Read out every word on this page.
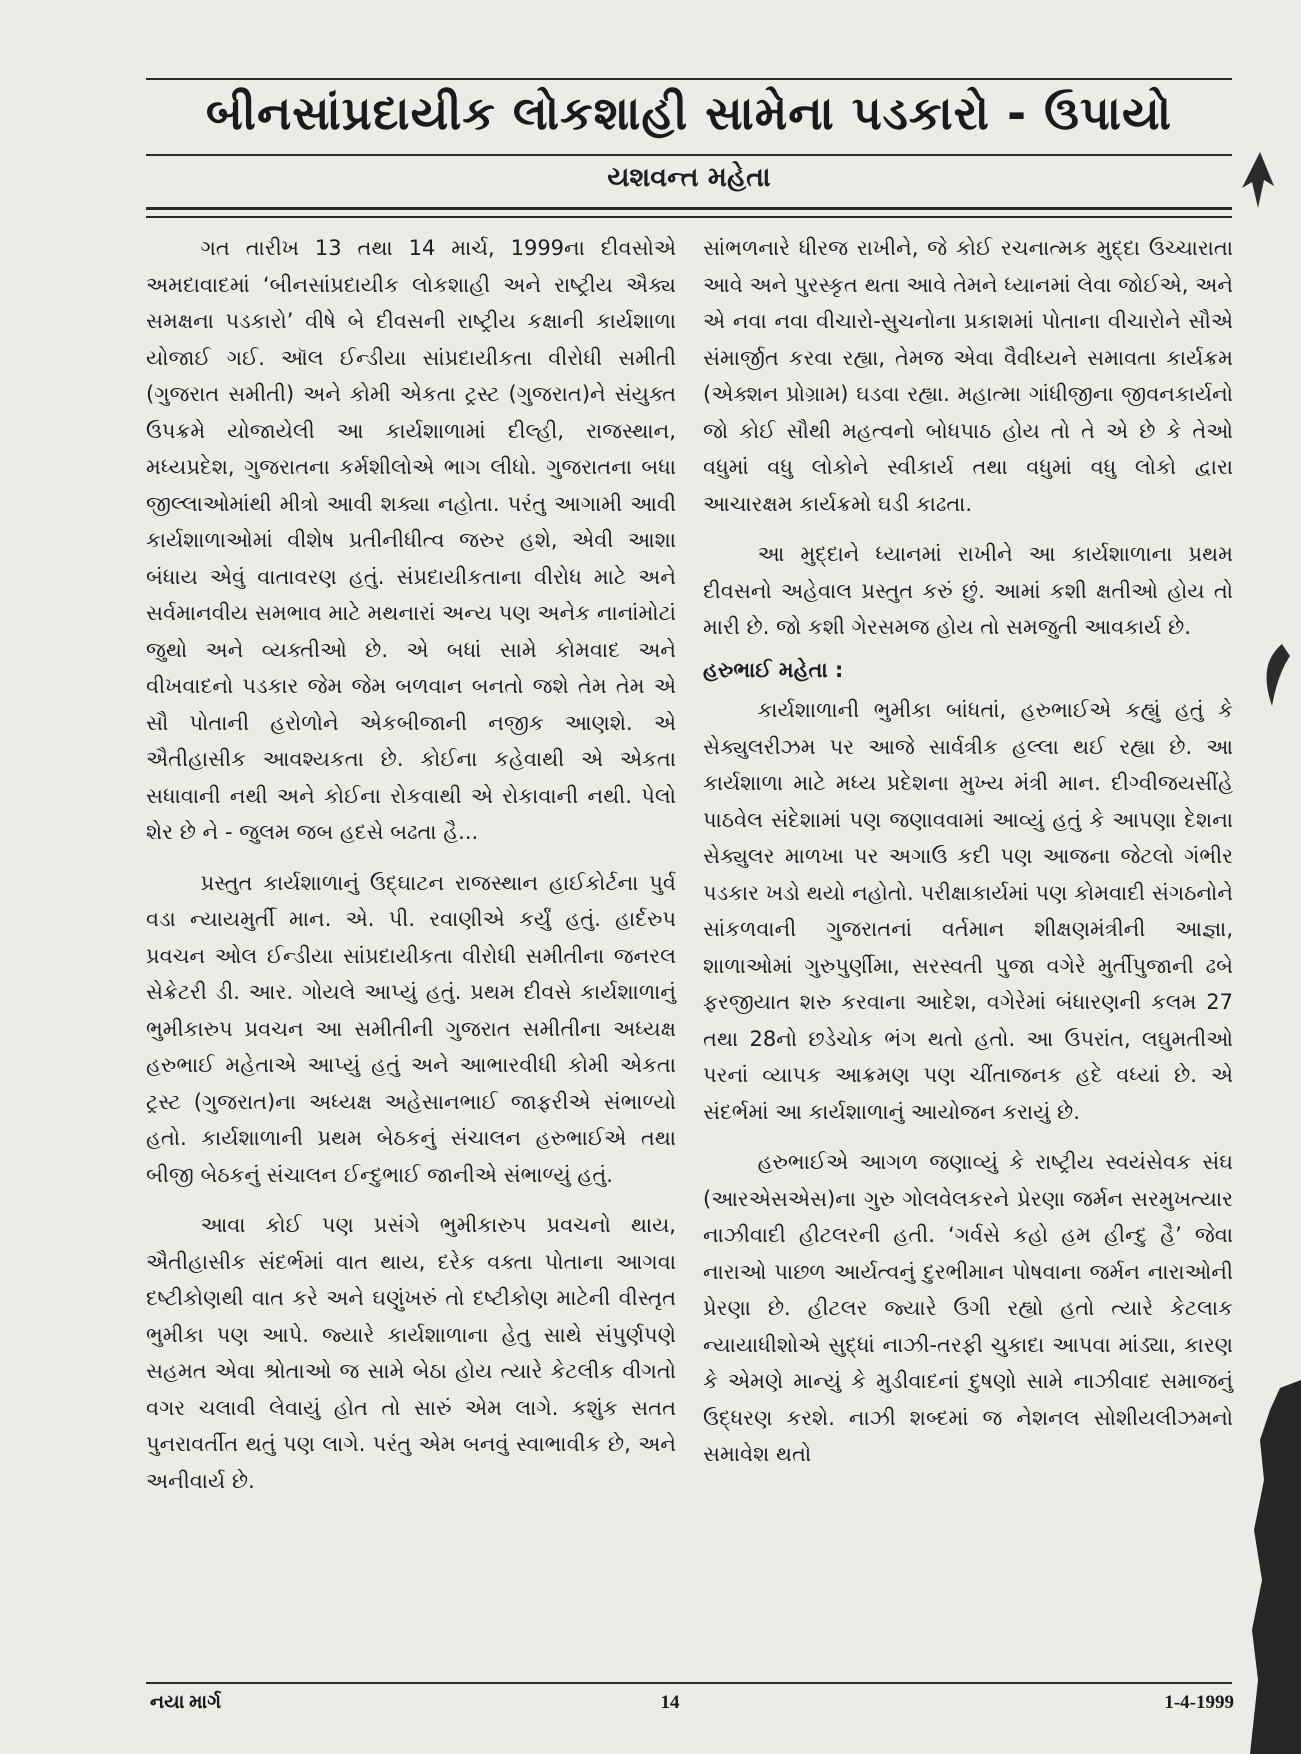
બીનસાંપ્રદાયીક લોકશાહી સામેના પડકારો - ઉપાયો
યશવન્ત મહેતા

ગત તારીખ 13 તથા 14 માર્ચ, 1999ના દીવસોએ અમદાવાદમાં ‘બીનસાંપ્રદાયીક લોકશાહી અને રાષ્ટ્રીય ઐક્ય સમક્ષના પડકારો’ વીષે બે દીવસની રાષ્ટ્રીય કક્ષાની કાર્યશાળા યોજાઈ ગઈ. ઑલ ઈન્ડીયા સાંપ્રદાયીકતા વીરોધી સમીતી (ગુજરાત સમીતી) અને કોમી એકતા ટ્રસ્ટ (ગુજરાત)ને સંયુક્ત ઉપક્રમે યોજાયેલી આ કાર્યશાળામાં દીલ્હી, રાજસ્થાન, મધ્યપ્રદેશ, ગુજરાતના કર્મશીલોએ ભાગ લીધો. ગુજરાતના બધા જીલ્લાઓમાંથી મીત્રો આવી શક્યા નહોતા. પરંતુ આગામી આવી કાર્યશાળાઓમાં વીશેષ પ્રતીનીધીત્વ જરુર હશે, એવી આશા બંધાય એવું વાતાવરણ હતું. સંપ્રદાયીકતાના વીરોધ માટે અને સર્વમાનવીય સમભાવ માટે મથનારાં અન્ય પણ અનેક નાનાંમોટાં જુથો અને વ્યક્તીઓ છે. એ બધાં સામે કોમવાદ અને વીખવાદનો પડકાર જેમ જેમ બળવાન બનતો જશે તેમ તેમ એ સૌ પોતાની હરોળોને એકબીજાની નજીક આણશે. એ ઐતીહાસીક આવશ્યકતા છે. કોઈના કહેવાથી એ એકતા સધાવાની નથી અને કોઈના રોકવાથી એ રોકાવાની નથી. પેલો શેર છે ને - જુલમ જબ હદસે બઢતા હૈ...

પ્રસ્તુત કાર્યશાળાનું ઉદ્ઘાટન રાજસ્થાન હાઈકોર્ટના પુર્વ વડા ન્યાયમુર્તી માન. એ. પી. રવાણીએ કર્યું હતું. હાર્દરુપ પ્રવચન ઓલ ઈન્ડીયા સાંપ્રદાયીકતા વીરોધી સમીતીના જનરલ સેક્રેટરી ડી. આર. ગોયલે આપ્યું હતું. પ્રથમ દીવસે કાર્યશાળાનું ભુમીકારુપ પ્રવચન આ સમીતીની ગુજરાત સમીતીના અધ્યક્ષ હરુભાઈ મહેતાએ આપ્યું હતું અને આભારવીધી કોમી એકતા ટ્રસ્ટ (ગુજરાત)ના અધ્યક્ષ અહેસાનભાઈ જાફરીએ સંભાળ્યો હતો. કાર્યશાળાની પ્રથમ બેઠકનું સંચાલન હરુભાઈએ તથા બીજી બેઠકનું સંચાલન ઈન્દુભાઈ જાનીએ સંભાળ્યું હતું.

આવા કોઈ પણ પ્રસંગે ભુમીકારુપ પ્રવચનો થાય, ઐતીહાસીક સંદર્ભમાં વાત થાય, દરેક વક્તા પોતાના આગવા દષ્ટીકોણથી વાત કરે અને ઘણુંખરું તો દષ્ટીકોણ માટેની વીસ્તૃત ભુમીકા પણ આપે. જ્યારે કાર્યશાળાના હેતુ સાથે સંપુર્ણપણે સહમત એવા શ્રોતાઓ જ સામે બેઠા હોય ત્યારે કેટલીક વીગતો વગર ચલાવી લેવાયું હોત તો સારું એમ લાગે. કશુંક સતત પુનરાવર્તીત થતું પણ લાગે. પરંતુ એમ બનવું સ્વાભાવીક છે, અને અનીવાર્ય છે.

સાંભળનારે ધીરજ રાખીને, જે કોઈ રચનાત્મક મુદ્દા ઉચ્ચારાતા આવે અને પુરસ્કૃત થતા આવે તેમને ધ્યાનમાં લેવા જોઈએ, અને એ નવા નવા વીચારો-સુચનોના પ્રકાશમાં પોતાના વીચારોને સૌએ સંમાર્જીત કરવા રહ્યા, તેમજ એવા વૈવીધ્યને સમાવતા કાર્યક્રમ (એક્શન પ્રોગ્રામ) ઘડવા રહ્યા. મહાત્મા ગાંધીજીના જીવનકાર્યનો જો કોઈ સૌથી મહત્વનો બોધપાઠ હોય તો તે એ છે કે તેઓ વધુમાં વધુ લોકોને સ્વીકાર્ય તથા વધુમાં વધુ લોકો દ્વારા આચારક્ષમ કાર્યક્રમો ઘડી કાઢતા.

આ મુદ્દાને ધ્યાનમાં રાખીને આ કાર્યશાળાના પ્રથમ દીવસનો અહેવાલ પ્રસ્તુત કરું છું. આમાં કશી ક્ષતીઓ હોય તો મારી છે. જો કશી ગેરસમજ હોય તો સમજુતી આવકાર્ય છે.

હરુભાઈ મહેતા :

કાર્યશાળાની ભુમીકા બાંધતાં, હરુભાઈએ કહ્યું હતું કે સેક્યુલરીઝમ પર આજે સાર્વત્રીક હલ્લા થઈ રહ્યા છે. આ કાર્યશાળા માટે મધ્ય પ્રદેશના મુખ્ય મંત્રી માન. દીગ્વીજયસીંહે પાઠવેલ સંદેશામાં પણ જણાવવામાં આવ્યું હતું કે આપણા દેશના સેક્યુલર માળખા પર અગાઉ કદી પણ આજના જેટલો ગંભીર પડકાર ખડો થયો નહોતો. પરીક્ષાકાર્યમાં પણ કોમવાદી સંગઠનોને સાંકળવાની ગુજરાતનાં વર્તમાન શીક્ષણમંત્રીની આજ્ઞા, શાળાઓમાં ગુરુપુર્ણીમા, સરસ્વતી પુજા વગેરે મુર્તીપુજાની ઢબે ફરજીયાત શરુ કરવાના આદેશ, વગેરેમાં બંધારણની કલમ 27 તથા 28નો છડેચોક ભંગ થતો હતો. આ ઉપરાંત, લઘુમતીઓ પરનાં વ્યાપક આક્રમણ પણ ચીંતાજનક હદે વધ્યાં છે. એ સંદર્ભમાં આ કાર્યશાળાનું આયોજન કરાયું છે.

હરુભાઈએ આગળ જણાવ્યું કે રાષ્ટ્રીય સ્વયંસેવક સંઘ (આરએસએસ)ના ગુરુ ગોલવેલકરને પ્રેરણા જર્મન સરમુખત્યાર નાઝીવાદી હીટલરની હતી. ‘ગર્વસે કહો હમ હીન્દુ હૈ’ જેવા નારાઓ પાછળ આર્યત્વનું દુરભીમાન પોષવાના જર્મન નારાઓની પ્રેરણા છે. હીટલર જ્યારે ઉગી રહ્યો હતો ત્યારે કેટલાક ન્યાયાધીશોએ સુદ્ધાં નાઝી-તરફી ચુકાદા આપવા માંડ્યા, કારણ કે એમણે માન્યું કે મુડીવાદનાં દુષણો સામે નાઝીવાદ સમાજનું ઉદ્ધરણ કરશે. નાઝી શબ્દમાં જ નેશનલ સોશીયલીઝમનો સમાવેશ થતો

નયા માર્ગ	14	1-4-1999
